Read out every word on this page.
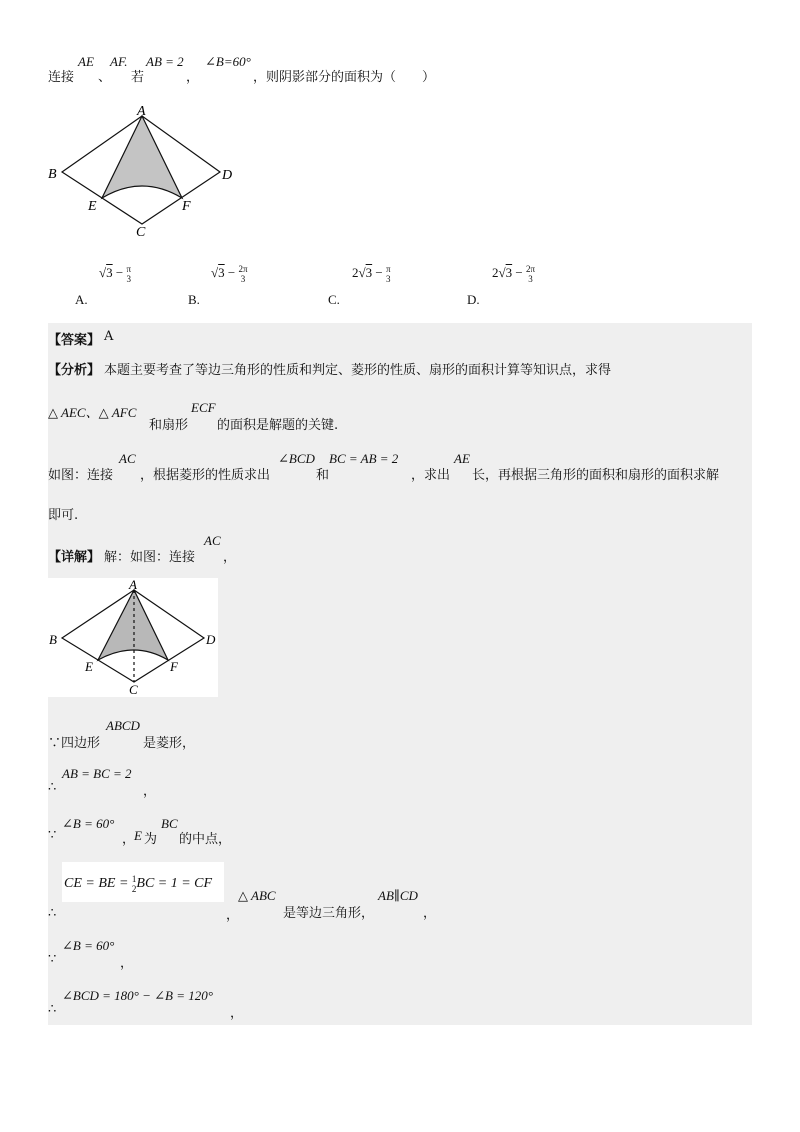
AE AF. AB = 2 ∠B=60°
连接 、 若	，	，则阴影部分的面积为（　　）
A
B	D
E	F
C
√3 − π
3
A.
√3 − 2π
3
B.
2√3 − π
3
C.
2√3 − 2π
3
D.
【答案】 A
【分析】 本题主要考查了等边三角形的性质和判定、菱形的性质、扇形的面积计算等知识点，求得
△ AEC、△ AFC
和扇形
ECF
的面积是解题的关键.
如图：连接
AC
，根据菱形的性质求出
∠BCD
和
BC = AB = 2
，求出
AE
长，再根据三角形的面积和扇形的面积求解
即可.
【详解】 解：如图：连接
AC
，
A
B	D
E	F
C
∵四边形
ABCD
是菱形，
AB = BC = 2
∴	，
∠B = 60°
∵	，
E 为
BC
的中点，
CE = BE = 1
2 BC = 1 = CF
∴	，
△ ABC
是等边三角形，
AB∥CD
，
∠B = 60°
∵	，
∠BCD = 180° − ∠B = 120°
∴	，
